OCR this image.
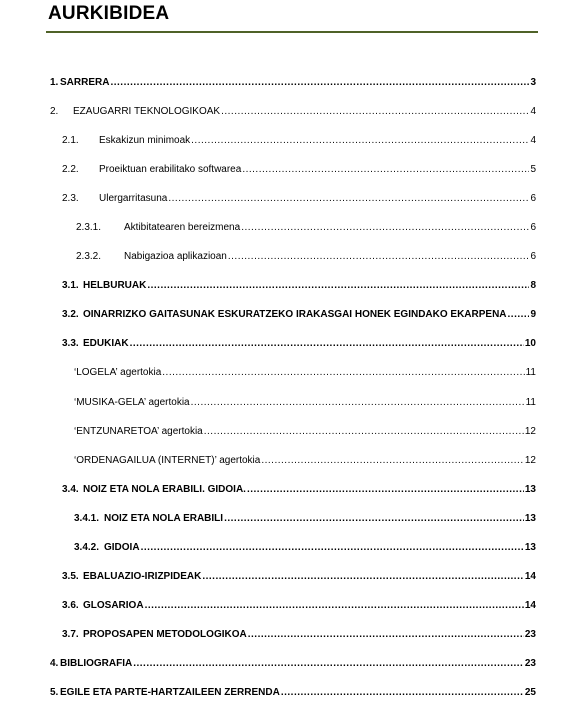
AURKIBIDEA
1. SARRERA .....	3
2.	EZAUGARRI TEKNOLOGIKOAK .....	4
2.1.	Eskakizun minimoak .....	4
2.2.	Proeiktuan erabilitako softwarea .....	5
2.3.	Ulergarritasuna .....	6
2.3.1.	Aktibitatearen bereizmena .....	6
2.3.2.	Nabigazioa aplikazioan .....	6
3.1. HELBURUAK .....	8
3.2. OINARRIZKO GAITASUNAK ESKURATZEKO IRAKASGAI HONEK EGINDAKO EKARPENA ..... 9
3.3. EDUKIAK .....	10
‘LOGELA’ agertokia .....	11
‘MUSIKA-GELA’ agertokia .....	11
‘ENTZUNARETOA’ agertokia .....	12
‘ORDENAGAILUA (INTERNET)’ agertokia .....	12
3.4. NOIZ ETA NOLA ERABILI. GIDOIA. .....	13
3.4.1. NOIZ ETA NOLA ERABILI .....	13
3.4.2. GIDOIA .....	13
3.5. EBALUAZIO-IRIZPIDEAK .....	14
3.6. GLOSARIOA .....	14
3.7. PROPOSAPEN METODOLOGIKOA .....	23
4. BIBLIOGRAFIA .....	23
5. EGILE ETA PARTE-HARTZAILEEN ZERRENDA .....	25
